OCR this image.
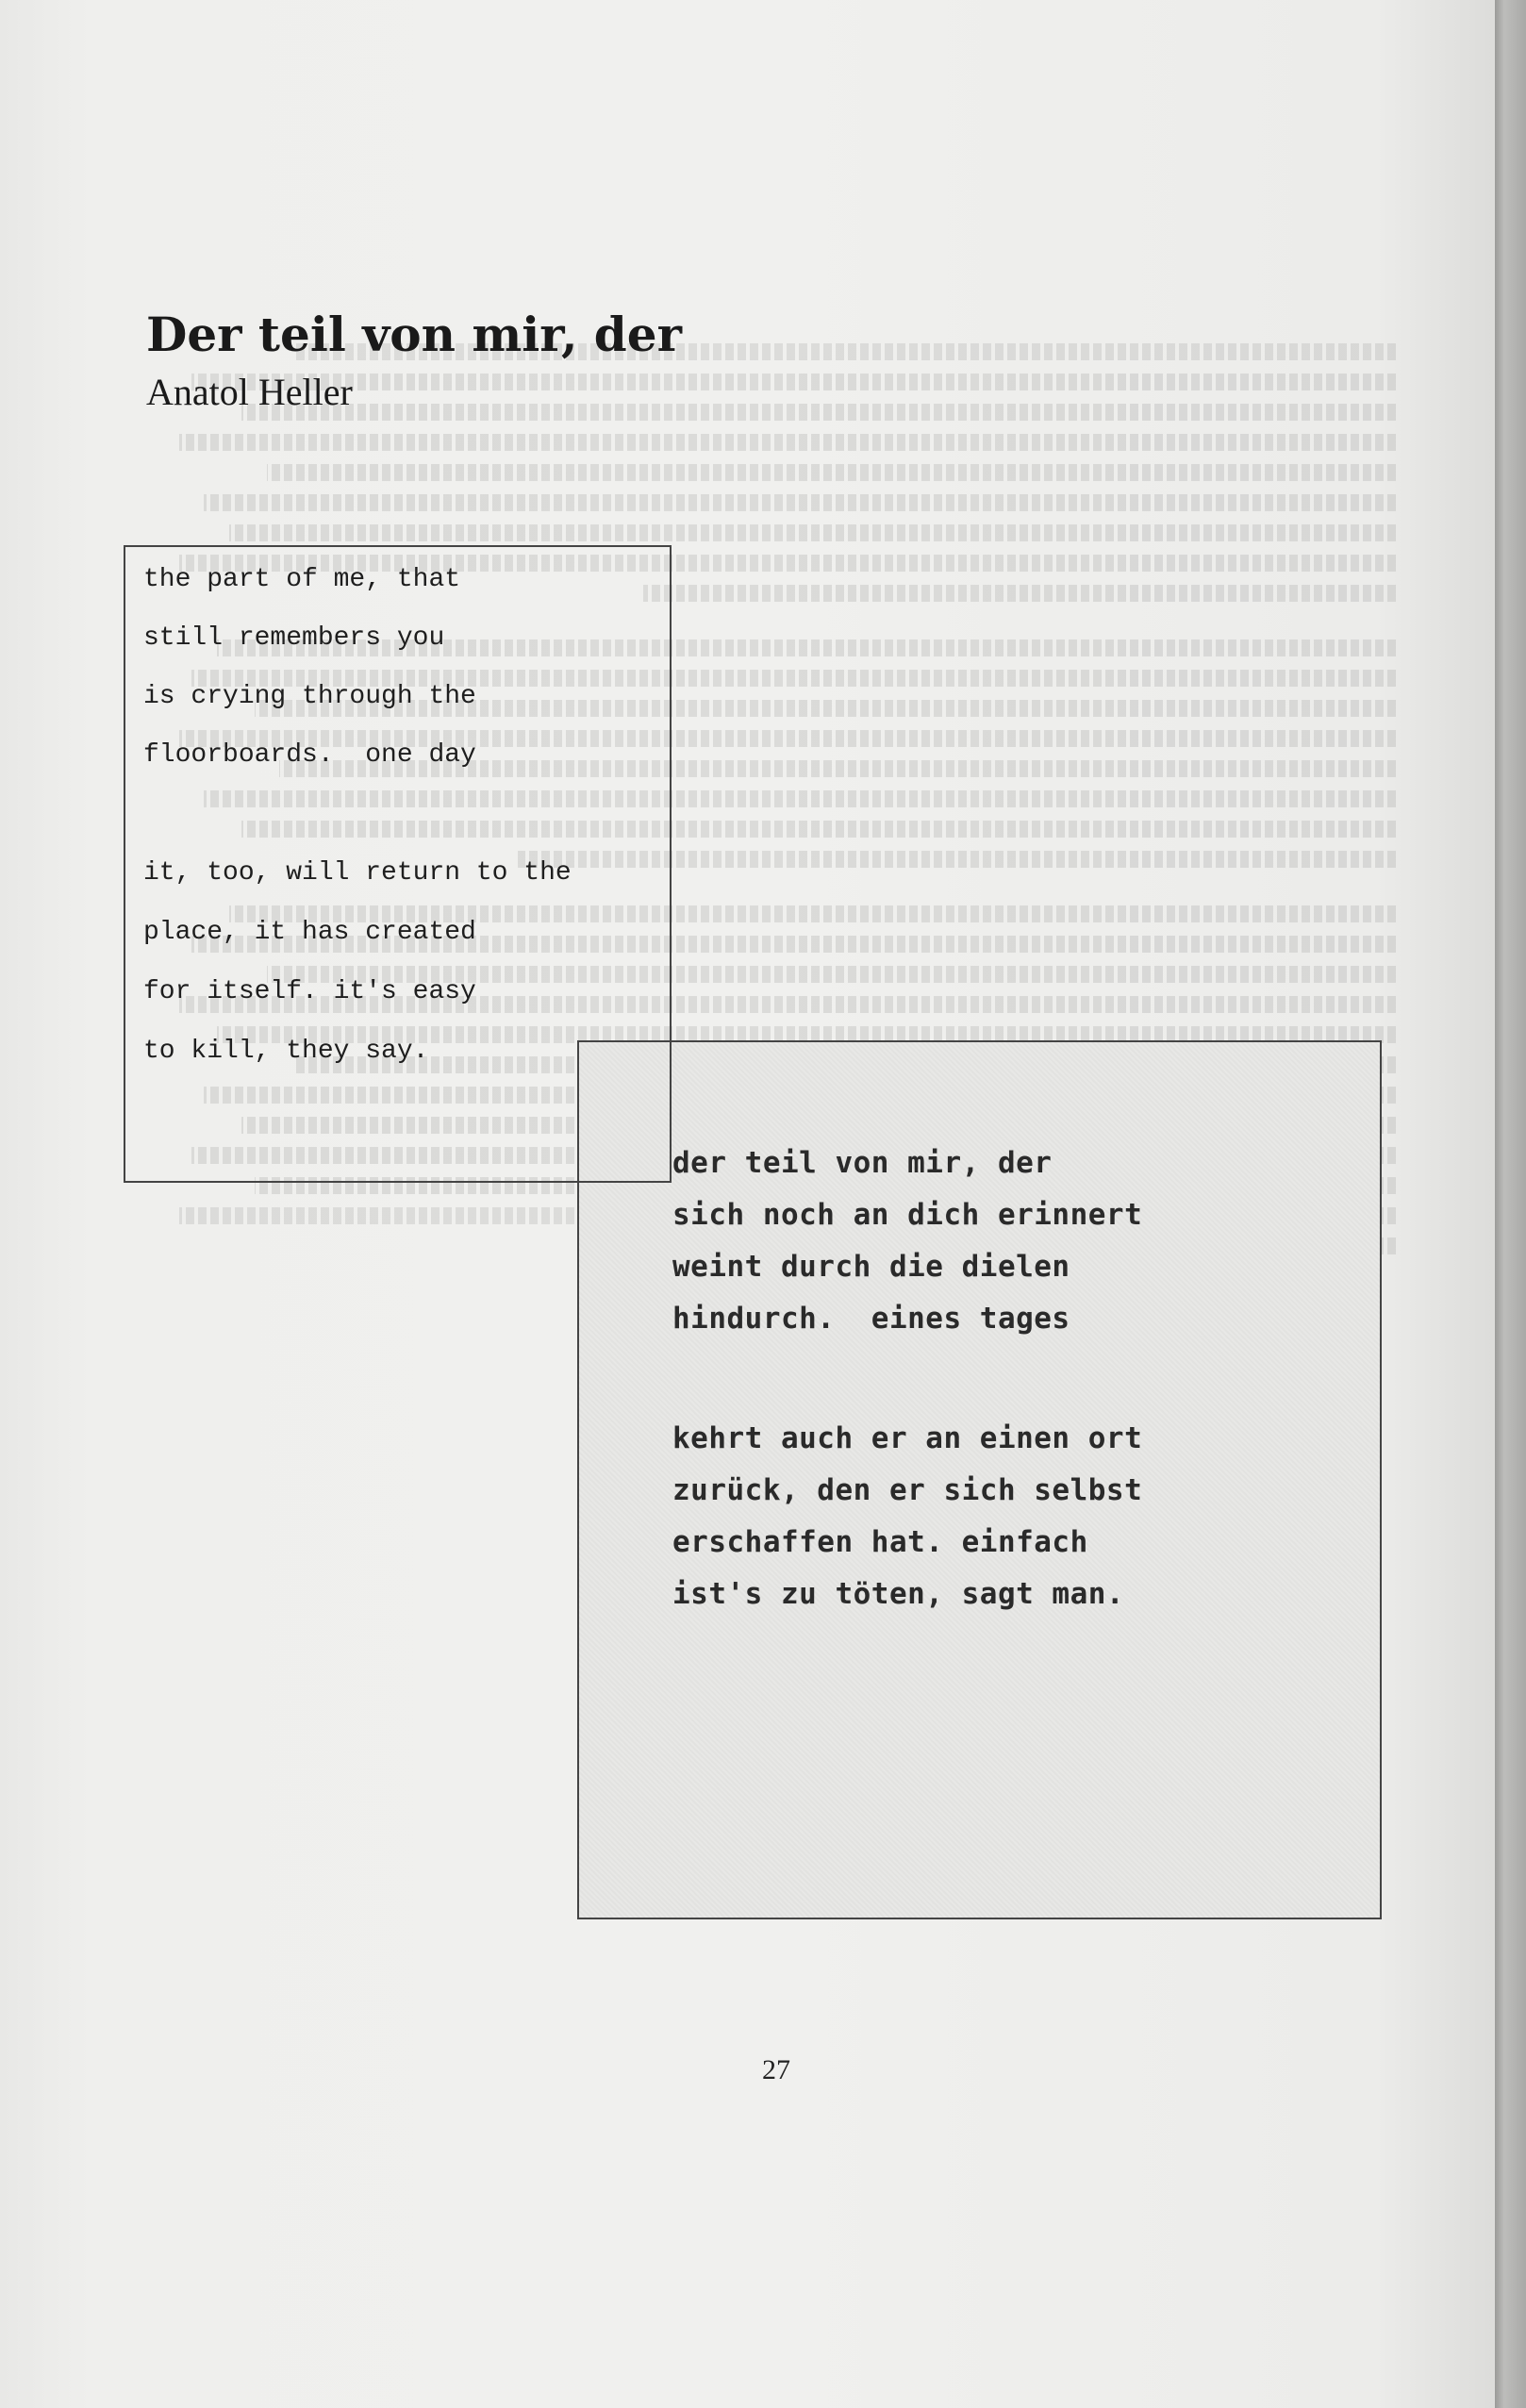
Der teil von mir, der

Anatol Heller

the part of me, that

still remembers you

is crying through the

floorboards.  one day

it, too, will return to the

place, it has created

for itself. it's easy

to kill, they say.

der teil von mir, der

sich noch an dich erinnert

weint durch die dielen

hindurch.  eines tages

kehrt auch er an einen ort

zurück, den er sich selbst

erschaffen hat. einfach

ist's zu töten, sagt man.

27
